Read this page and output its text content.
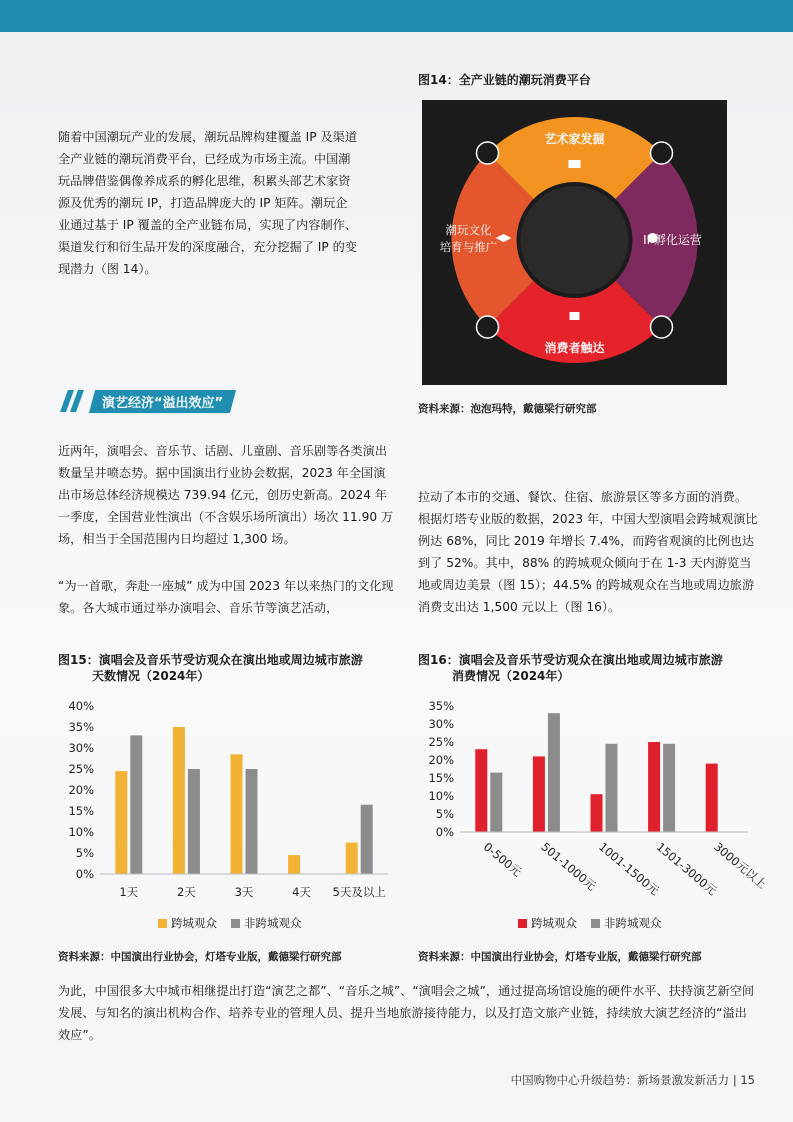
随着中国潮玩产业的发展，潮玩品牌构建覆盖 IP 及渠道全产业链的潮玩消费平台，已经成为市场主流。中国潮玩品牌借鉴偶像养成系的孵化思维，积累头部艺术家资源及优秀的潮玩 IP，打造品牌庞大的 IP 矩阵。潮玩企业通过基于 IP 覆盖的全产业链布局，实现了内容制作、渠道发行和衍生品开发的深度融合，充分挖掘了 IP 的变现潜力（图 14）。

图14：全产业链的潮玩消费平台
艺术家发掘
IP孵化运营
消费者触达
潮玩文化
培育与推广
资料来源：泡泡玛特，戴德梁行研究部
演艺经济“溢出效应”

近两年，演唱会、音乐节、话剧、儿童剧、音乐剧等各类演出数量呈井喷态势。据中国演出行业协会数据，2023 年全国演出市场总体经济规模达 739.94 亿元，创历史新高。2024 年一季度，全国营业性演出（不含娱乐场所演出）场次 11.90 万场，相当于全国范围内日均超过 1,300 场。

“为一首歌，奔赴一座城” 成为中国 2023 年以来热门的文化现象。各大城市通过举办演唱会、音乐节等演艺活动，

拉动了本市的交通、餐饮、住宿、旅游景区等多方面的消费。根据灯塔专业版的数据，2023 年，中国大型演唱会跨城观演比例达 68%，同比 2019 年增长 7.4%，而跨省观演的比例也达到了 52%。其中，88% 的跨城观众倾向于在 1-3 天内游览当地或周边美景（图 15）；44.5% 的跨城观众在当地或周边旅游消费支出达 1,500 元以上（图 16）。

图15：演唱会及音乐节受访观众在演出地或周边城市旅游
天数情况（2024年）
0%
5%
10%
15%
20%
25%
30%
35%
40%
1天	2天	3天	4天 5天及以上
跨城观众 非跨城观众
资料来源：中国演出行业协会，灯塔专业版，戴德梁行研究部
图16：演唱会及音乐节受访观众在演出地或周边城市旅游
消费情况（2024年）
0%
5%
10%
15%
20%
25%
30%
35%
0-500元 501-1000元
1001-1500元
1501-3000元
3000元以上
跨城观众 非跨城观众
资料来源：中国演出行业协会，灯塔专业版，戴德梁行研究部

为此，中国很多大中城市相继提出打造“演艺之都”、“音乐之城”、“演唱会之城”，通过提高场馆设施的硬件水平、扶持演艺新空间发展、与知名的演出机构合作、培养专业的管理人员、提升当地旅游接待能力，以及打造文旅产业链，持续放大演艺经济的“溢出效应”。

中国购物中心升级趋势：新场景激发新活力 | 15
